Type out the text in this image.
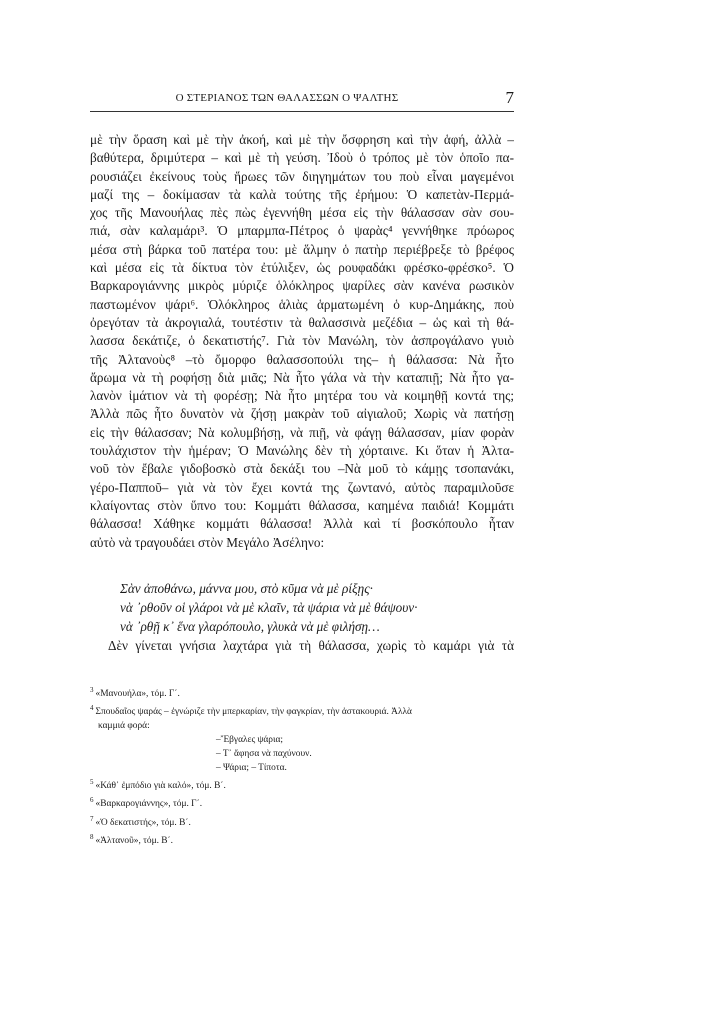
Ο ΣΤΕΡΙΑΝΟΣ ΤΩΝ ΘΑΛΑΣΣΩΝ Ο ΨΑΛΤΗΣ	7
μὲ τὴν ὅραση καὶ μὲ τὴν ἀκοή, καὶ μὲ τὴν ὄσφρηση καὶ τὴν ἁφή, ἀλλὰ –
βαθύτερα, δριμύτερα – καὶ μὲ τὴ γεύση. Ἰδοὺ ὁ τρόπος μὲ τὸν ὁποῖο πα-
ρουσιάζει ἐκείνους τοὺς ἥρωες τῶν διηγημάτων του ποὺ εἶναι μαγεμένοι
μαζί της – δοκίμασαν τὰ καλὰ τούτης τῆς ἐρήμου: Ὁ καπετὰν-Περμά-
χος τῆς Μανουήλας πὲς πὼς ἐγεννήθη μέσα εἰς τὴν θάλασσαν σὰν σου-
πιά, σὰν καλαμάρι³. Ὁ μπαρμπα-Πέτρος ὁ ψαρὰς⁴ γεννήθηκε πρόωρος
μέσα στὴ βάρκα τοῦ πατέρα του: μὲ ἅλμην ὁ πατὴρ περιέβρεξε τὸ βρέφος
καὶ μέσα εἰς τὰ δίκτυα τὸν ἐτύλιξεν, ὡς ρουφαδάκι φρέσκο-φρέσκο⁵. Ὁ
Βαρκαρογιάννης μικρὸς μύριζε ὁλόκληρος ψαρίλες σὰν κανένα ρωσικὸν
παστωμένον ψάρι⁶. Ὁλόκληρος ἁλιὰς ἁρματωμένη ὁ κυρ-Δημάκης, ποὺ
ὀρεγόταν τὰ ἀκρογιαλά, τουτέστιν τὰ θαλασσινὰ μεζέδια – ὡς καὶ τὴ θά-
λασσα δεκάτιζε, ὁ δεκατιστής⁷. Γιὰ τὸν Μανώλη, τὸν ἀσπρογάλανο γυιὸ
τῆς Ἀλτανοὺς⁸ –τὸ ὄμορφο θαλασσοπούλι της– ἡ θάλασσα: Νὰ ἦτο
ἄρωμα νὰ τὴ ροφήσῃ διὰ μιᾶς; Νὰ ἦτο γάλα νὰ τὴν καταπιῇ; Νὰ ἦτο γα-
λανὸν ἱμάτιον νὰ τὴ φορέσῃ; Νὰ ἦτο μητέρα του νὰ κοιμηθῇ κοντά της;
Ἀλλὰ πῶς ἦτο δυνατὸν νὰ ζήσῃ μακρὰν τοῦ αἰγιαλοῦ; Χωρὶς νὰ πατήσῃ
εἰς τὴν θάλασσαν; Νὰ κολυμβήσῃ, νὰ πιῇ, νὰ φάγῃ θάλασσαν, μίαν φορὰν
τουλάχιστον τὴν ἡμέραν; Ὁ Μανώλης δὲν τὴ χόρταινε. Κι ὅταν ἡ Ἀλτα-
νοῦ τὸν ἔβαλε γιδοβοσκὸ στὰ δεκάξι του –Νὰ μοῦ τὸ κάμῃς τσοπανάκι,
γέρο-Παπποῦ– γιὰ νὰ τὸν ἔχει κοντά της ζωντανό, αὐτὸς παραμιλοῦσε
κλαίγοντας στὸν ὕπνο του: Κομμάτι θάλασσα, καημένα παιδιά! Κομμάτι
θάλασσα! Χάθηκε κομμάτι θάλασσα! Ἀλλὰ καὶ τί βοσκόπουλο ἦταν
αὐτὸ νὰ τραγουδάει στὸν Μεγάλο Ἀσέληνο:
Σὰν ἀποθάνω, μάννα μου, στὸ κῦμα νὰ μὲ ρίξῃς·
νὰ ᾽ρθοῦν οἱ γλάροι νὰ μὲ κλαῖν, τὰ ψάρια νὰ μὲ θάψουν·
νὰ ᾽ρθῇ κ᾽ ἕνα γλαρόπουλο, γλυκὰ νὰ μὲ φιλήσῃ…
Δὲν γίνεται γνήσια λαχτάρα γιὰ τὴ θάλασσα, χωρὶς τὸ καμάρι γιὰ τὰ
$^3$ «Μανουήλα», τόμ. Γ΄.
$^4$ Σπουδαῖος ψαράς – ἐγνώριζε τὴν μπερκαρίαν, τὴν φαγκρίαν, τὴν ἀστακουριά. Ἀλλὰ
καμμιά φορά:
–Ἔβγαλες ψάρια;
– Τ᾽ ἄφησα νὰ παχύνουν.
– Ψάρια; – Τίποτα.
$^5$ «Κάθ᾽ ἐμπόδιο γιὰ καλό», τόμ. Β΄.
$^6$ «Βαρκαρογιάννης», τόμ. Γ΄.
$^7$ «Ὁ δεκατιστής», τόμ. Β΄.
$^8$ «Ἀλτανοῦ», τόμ. Β΄.
